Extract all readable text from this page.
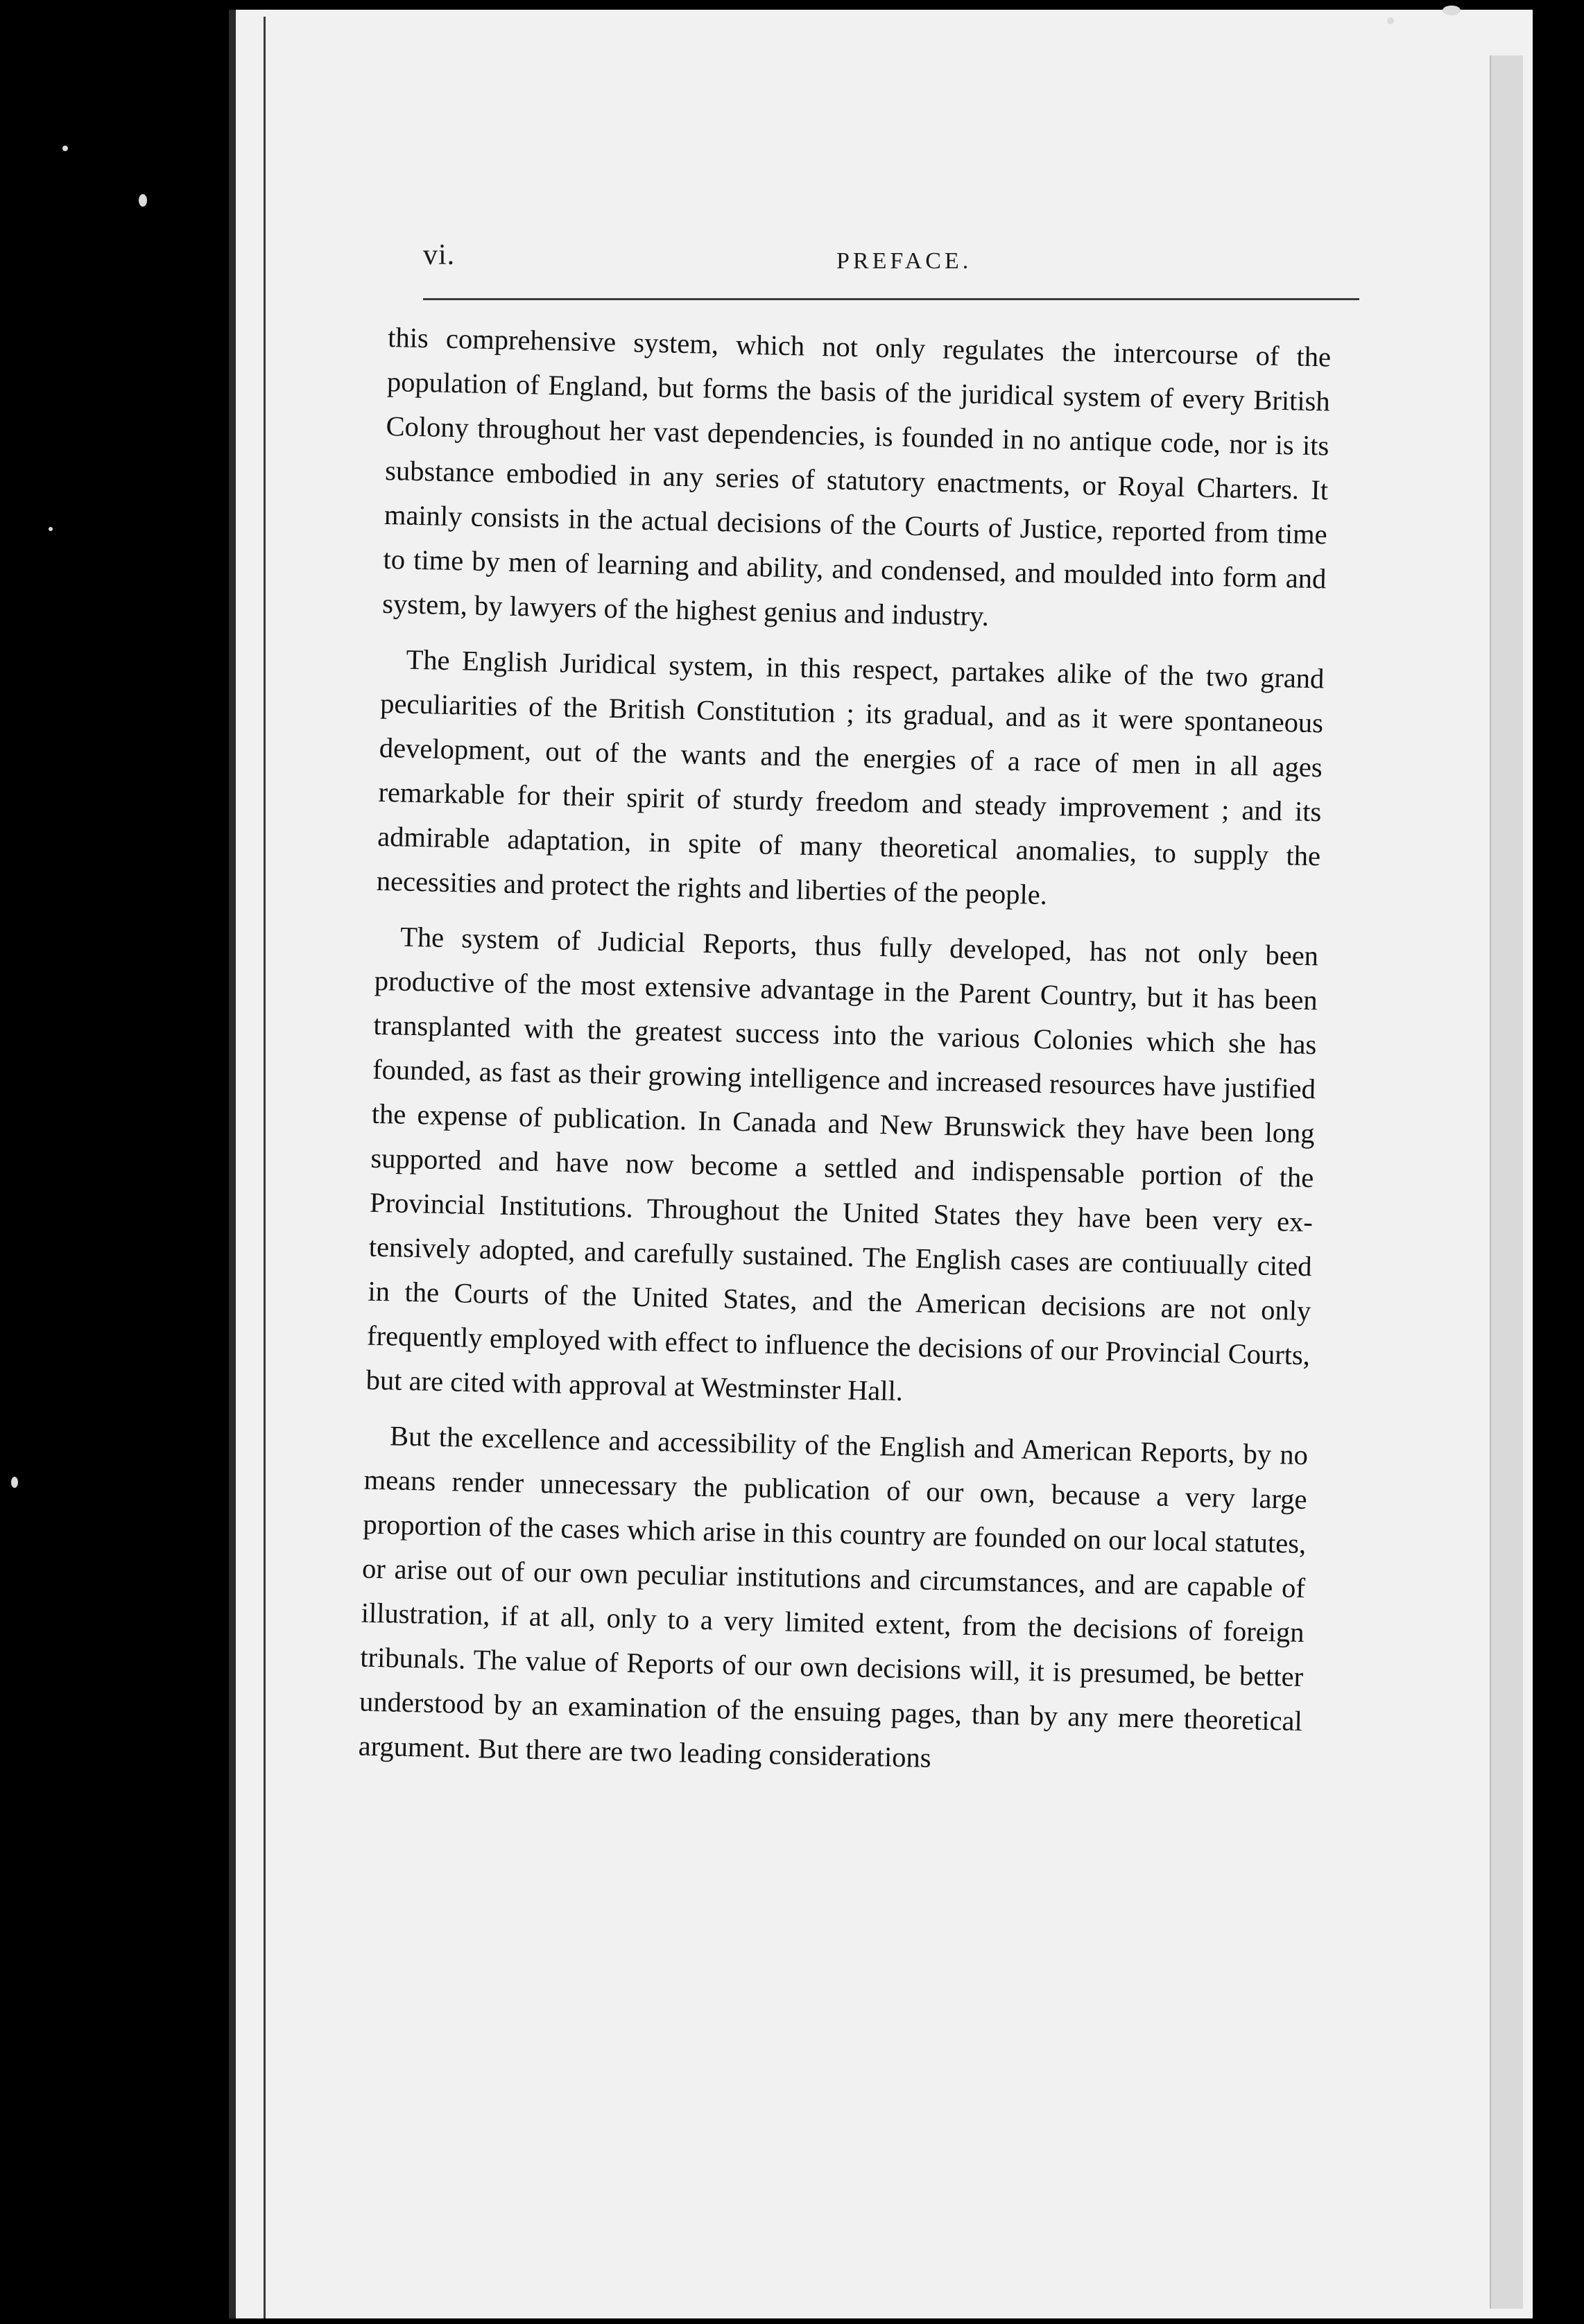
vi.	PREFACE.

this comprehensive system, which not only regulates the intercourse of the population of England, but forms the basis of the juridical system of every British Colony throughout her vast dependencies, is founded in no antique code, nor is its substance embodied in any series of statutory enactments, or Royal Charters. It mainly consists in the actual decisions of the Courts of Justice, reported from time to time by men of learning and ability, and condensed, and moulded into form and system, by lawyers of the highest genius and industry.

The English Juridical system, in this respect, partakes alike of the two grand peculiarities of the British Constitution ; its gradual, and as it were spontaneous development, out of the wants and the energies of a race of men in all ages remarkable for their spirit of sturdy freedom and steady improvement ; and its admirable adaptation, in spite of many theoretical anomalies, to supply the necessities and protect the rights and liberties of the people.

The system of Judicial Reports, thus fully developed, has not only been productive of the most extensive advantage in the Parent Country, but it has been transplanted with the greatest success into the various Colonies which she has founded, as fast as their growing intelligence and increased resources have justified the expense of publication. In Canada and New Brunswick they have been long supported and have now become a settled and indispensable portion of the Provincial Institutions. Throughout the United States they have been very extensively adopted, and carefully sustained. The English cases are contiuually cited in the Courts of the United States, and the American decisions are not only frequently employed with effect to influence the decisions of our Provincial Courts, but are cited with approval at Westminster Hall.

But the excellence and accessibility of the English and American Reports, by no means render unnecessary the publication of our own, because a very large proportion of the cases which arise in this country are founded on our local statutes, or arise out of our own peculiar institutions and circumstances, and are capable of illustration, if at all, only to a very limited extent, from the decisions of foreign tribunals. The value of Reports of our own decisions will, it is presumed, be better understood by an examination of the ensuing pages, than by any mere theoretical argument. But there are two leading considerations
